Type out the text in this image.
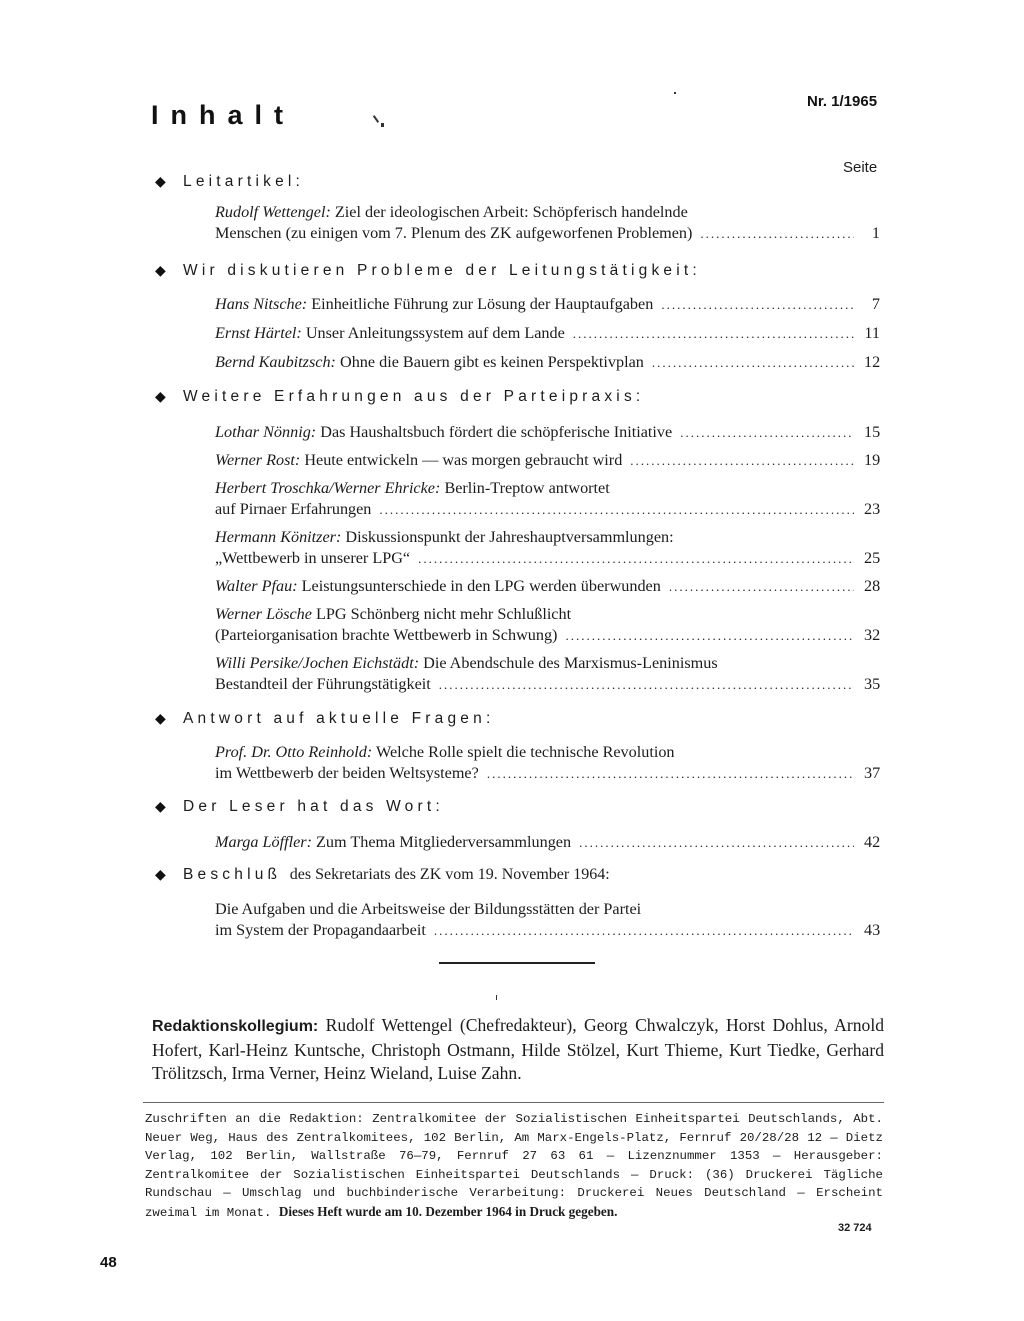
Inhalt	Nr. 1/1965
Seite
◆ Leitartikel:
Rudolf Wettengel: Ziel der ideologischen Arbeit: Schöpferisch handelnde
Menschen (zu einigen vom 7. Plenum des ZK aufgeworfenen Problemen) .....	1
◆ Wir diskutieren Probleme der Leitungstätigkeit:
Hans Nitsche: Einheitliche Führung zur Lösung der Hauptaufgaben .....	7
Ernst Härtel: Unser Anleitungssystem auf dem Lande .....	11
Bernd Kaubitzsch: Ohne die Bauern gibt es keinen Perspektivplan .....	12
◆ Weitere Erfahrungen aus der Parteipraxis:
Lothar Nönnig: Das Haushaltsbuch fördert die schöpferische Initiative .....	15
Werner Rost: Heute entwickeln — was morgen gebraucht wird .....	19
Herbert Troschka/Werner Ehricke: Berlin-Treptow antwortet
auf Pirnaer Erfahrungen .....	23
Hermann Könitzer: Diskussionspunkt der Jahreshauptversammlungen:
„Wettbewerb in unserer LPG“ .....	25
Walter Pfau: Leistungsunterschiede in den LPG werden überwunden .....	28
Werner Lösche LPG Schönberg nicht mehr Schlußlicht
(Parteiorganisation brachte Wettbewerb in Schwung) .....	32
Willi Persike/Jochen Eichstädt: Die Abendschule des Marxismus-Leninismus
Bestandteil der Führungstätigkeit .....	35
◆ Antwort auf aktuelle Fragen:
Prof. Dr. Otto Reinhold: Welche Rolle spielt die technische Revolution
im Wettbewerb der beiden Weltsysteme? .....	37
◆ Der Leser hat das Wort:
Marga Löffler: Zum Thema Mitgliederversammlungen .....	42
◆ Beschluß des Sekretariats des ZK vom 19. November 1964:
Die Aufgaben und die Arbeitsweise der Bildungsstätten der Partei
im System der Propagandaarbeit .....	43
Redaktionskollegium: Rudolf Wettengel (Chefredakteur), Georg Chwalczyk, Horst Dohlus, Arnold Hofert, Karl-Heinz Kuntsche, Christoph Ostmann, Hilde Stölzel, Kurt Thieme, Kurt Tiedke, Gerhard Trölitzsch, Irma Verner, Heinz Wieland, Luise Zahn.
Zuschriften an die Redaktion: Zentralkomitee der Sozialistischen Einheitspartei Deutschlands, Abt. Neuer Weg, Haus des Zentralkomitees, 102 Berlin, Am Marx-Engels-Platz, Fernruf 20/28/28 12 — Dietz Verlag, 102 Berlin, Wallstraße 76—79, Fernruf 27 63 61 — Lizenznummer 1353 — Herausgeber: Zentralkomitee der Sozialistischen Einheitspartei Deutschlands — Druck: (36) Druckerei Tägliche Rundschau — Umschlag und buchbinderische Verarbeitung: Druckerei Neues Deutschland — Erscheint zweimal im Monat. Dieses Heft wurde am 10. Dezember 1964 in Druck gegeben.
32 724
48
